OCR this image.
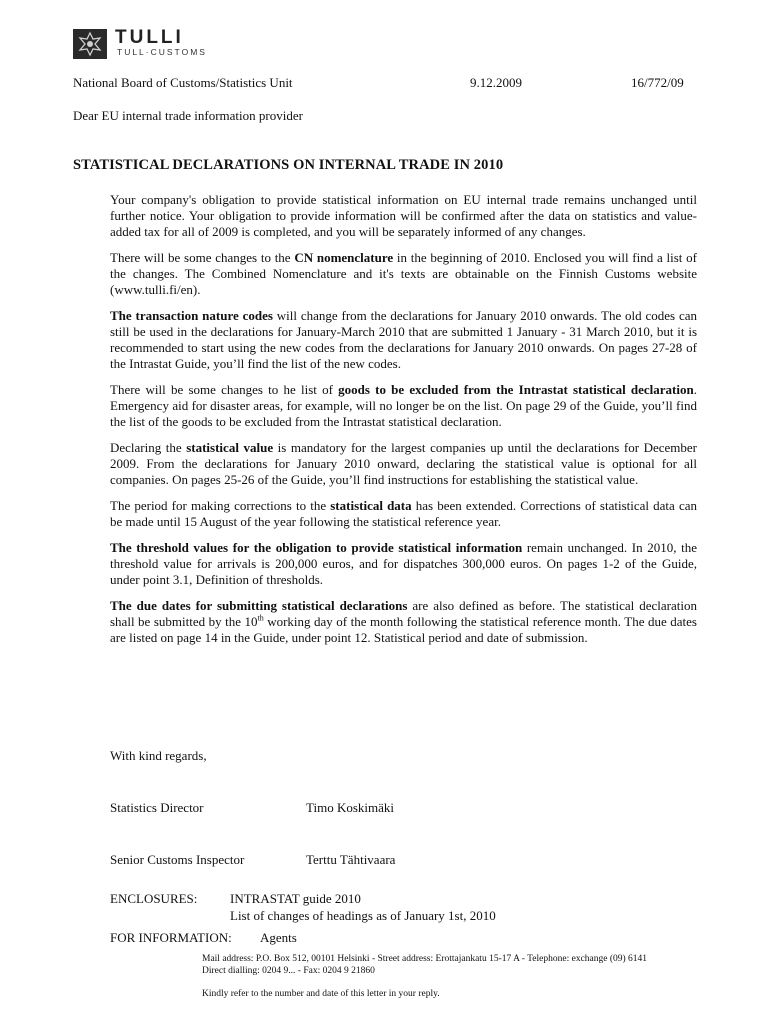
TULLI
TULL·CUSTOMS
National Board of Customs/Statistics Unit	9.12.2009	16/772/09
Dear EU internal trade information provider
STATISTICAL DECLARATIONS ON INTERNAL TRADE IN 2010

Your company's obligation to provide statistical information on EU internal trade remains unchanged until further notice. Your obligation to provide information will be confirmed after the data on statistics and value-added tax for all of 2009 is completed, and you will be separately informed of any changes.

There will be some changes to the CN nomenclature in the beginning of 2010. Enclosed you will find a list of the changes. The Combined Nomenclature and it's texts are obtainable on the Finnish Customs website (www.tulli.fi/en).

The transaction nature codes will change from the declarations for January 2010 onwards. The old codes can still be used in the declarations for January-March 2010 that are submitted 1 January - 31 March 2010, but it is recommended to start using the new codes from the declarations for January 2010 onwards. On pages 27-28 of the Intrastat Guide, you’ll find the list of the new codes.

There will be some changes to he list of goods to be excluded from the Intrastat statistical declaration. Emergency aid for disaster areas, for example, will no longer be on the list. On page 29 of the Guide, you’ll find the list of the goods to be excluded from the Intrastat statistical declaration.

Declaring the statistical value is mandatory for the largest companies up until the declarations for December 2009. From the declarations for January 2010 onward, declaring the statistical value is optional for all companies. On pages 25-26 of the Guide, you’ll find instructions for establishing the statistical value.

The period for making corrections to the statistical data has been extended. Corrections of statistical data can be made until 15 August of the year following the statistical reference year.

The threshold values for the obligation to provide statistical information remain unchanged. In 2010, the threshold value for arrivals is 200,000 euros, and for dispatches 300,000 euros. On pages 1-2 of the Guide, under point 3.1, Definition of thresholds.

The due dates for submitting statistical declarations are also defined as before. The statistical declaration shall be submitted by the 10th working day of the month following the statistical reference month. The due dates are listed on page 14 in the Guide, under point 12. Statistical period and date of submission.

With kind regards,
Statistics Director	Timo Koskimäki
Senior Customs Inspector	Terttu Tähtivaara
ENCLOSURES:	INTRASTAT guide 2010
List of changes of headings as of January 1st, 2010
FOR INFORMATION: Agents
Mail address: P.O. Box 512, 00101 Helsinki - Street address: Erottajankatu 15-17 A - Telephone: exchange (09) 6141
Direct dialling: 0204 9... - Fax: 0204 9 21860
Kindly refer to the number and date of this letter in your reply.
